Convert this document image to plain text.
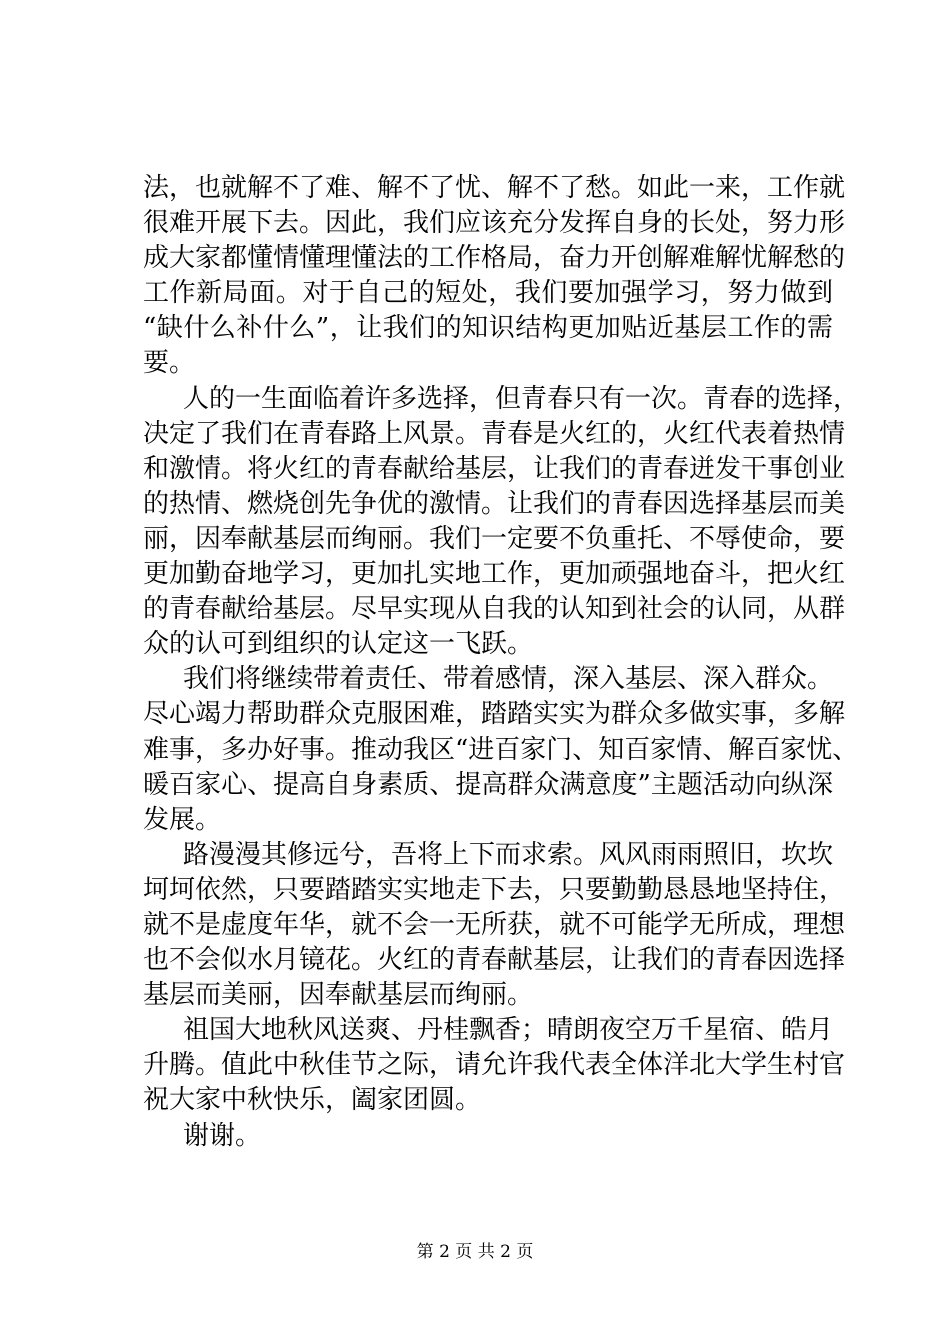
法，也就解不了难、解不了忧、解不了愁。如此一来，工作就
很难开展下去。因此，我们应该充分发挥自身的长处，努力形
成大家都懂情懂理懂法的工作格局，奋力开创解难解忧解愁的
工作新局面。对于自己的短处，我们要加强学习，努力做到
“缺什么补什么”，让我们的知识结构更加贴近基层工作的需
要。
人的一生面临着许多选择，但青春只有一次。青春的选择，
决定了我们在青春路上风景。青春是火红的，火红代表着热情
和激情。将火红的青春献给基层，让我们的青春迸发干事创业
的热情、燃烧创先争优的激情。让我们的青春因选择基层而美
丽，因奉献基层而绚丽。我们一定要不负重托、不辱使命，要
更加勤奋地学习，更加扎实地工作，更加顽强地奋斗，把火红
的青春献给基层。尽早实现从自我的认知到社会的认同，从群
众的认可到组织的认定这一飞跃。
我们将继续带着责任、带着感情，深入基层、深入群众。
尽心竭力帮助群众克服困难，踏踏实实为群众多做实事，多解
难事，多办好事。推动我区“进百家门、知百家情、解百家忧、
暖百家心、提高自身素质、提高群众满意度”主题活动向纵深
发展。
路漫漫其修远兮，吾将上下而求索。风风雨雨照旧，坎坎
坷坷依然，只要踏踏实实地走下去，只要勤勤恳恳地坚持住，
就不是虚度年华，就不会一无所获，就不可能学无所成，理想
也不会似水月镜花。火红的青春献基层，让我们的青春因选择
基层而美丽，因奉献基层而绚丽。
祖国大地秋风送爽、丹桂飘香；晴朗夜空万千星宿、皓月
升腾。值此中秋佳节之际，请允许我代表全体洋北大学生村官
祝大家中秋快乐，阖家团圆。
谢谢。
第 2 页 共 2 页
